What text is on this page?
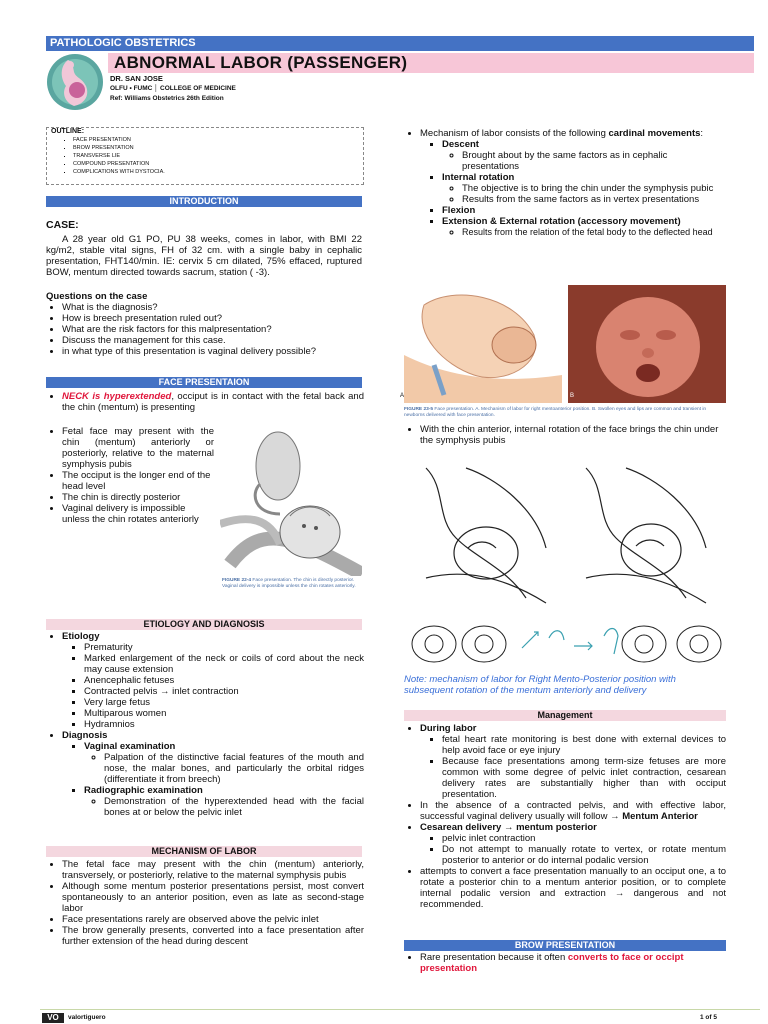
PATHOLOGIC OBSTETRICS
ABNORMAL LABOR (PASSENGER)
DR. SAN JOSE
OLFU • FUMC │ COLLEGE OF MEDICINE
Ref: Williams Obstetrics 26th Edition
OUTLINE:
▪ FACE PRESENTATION
▪ BROW PRESENTATION
▪ TRANSVERSE LIE
▪ COMPOUND PRESENTATION
▪ COMPLICATIONS WITH DYSTOCIA.
INTRODUCTION
CASE:
A 28 year old G1 PO, PU 38 weeks, comes in labor, with BMI 22 kg/m2, stable vital signs, FH of 32 cm. with a single baby in cephalic presentation, FHT140/min. IE: cervix 5 cm dilated, 75% effaced, ruptured BOW, mentum directed towards sacrum, station ( -3).
Questions on the case
• What is the diagnosis?
• How is breech presentation ruled out?
• What are the risk factors for this malpresentation?
• Discuss the management for this case.
• in what type of this presentation is vaginal delivery possible?
FACE PRESENTAION
• NECK is hyperextended, occiput is in contact with the fetal back and the chin (mentum) is presenting
• Fetal face may present with the chin (mentum) anteriorly or posteriorly, relative to the maternal symphysis pubis
• The occiput is the longer end of the head level
• The chin is directly posterior
• Vaginal delivery is impossible unless the chin rotates anteriorly
FIGURE 22-4 Face presentation. The chin is directly posterior. Vaginal delivery is impossible unless the chin rotates anteriorly.
ETIOLOGY AND DIAGNOSIS
• Etiology
▪ Prematurity
▪ Marked enlargement of the neck or coils of cord about the neck may cause extension
▪ Anencephalic fetuses
▪ Contracted pelvis → inlet contraction
▪ Very large fetus
▪ Multiparous women
▪ Hydramnios
• Diagnosis
▪ Vaginal examination
◦ Palpation of the distinctive facial features of the mouth and nose, the malar bones, and particularly the orbital ridges (differentiate it from breech)
▪ Radiographic examination
◦ Demonstration of the hyperextended head with the facial bones at or below the pelvic inlet
MECHANISM OF LABOR
• The fetal face may present with the chin (mentum) anteriorly, transversely, or posteriorly, relative to the maternal symphysis pubis
• Although some mentum posterior presentations persist, most convert spontaneously to an anterior position, even as late as second-stage labor
• Face presentations rarely are observed above the pelvic inlet
• The brow generally presents, converted into a face presentation after further extension of the head during descent
• Mechanism of labor consists of the following cardinal movements:
▪ Descent
◦ Brought about by the same factors as in cephalic presentations
▪ Internal rotation
◦ The objective is to bring the chin under the symphysis pubic
◦ Results from the same factors as in vertex presentations
▪ Flexion
▪ Extension & External rotation (accessory movement)
◦ Results from the relation of the fetal body to the deflected head
A	B
FIGURE 23-5 Face presentation. A. Mechanism of labor for right mentoanterior position. B. Swollen eyes and lips are common and transient in newborns delivered with face presentation.
• With the chin anterior, internal rotation of the face brings the chin under the symphysis pubis
Note: mechanism of labor for Right Mento-Posterior position with subsequent rotation of the mentum anteriorly and delivery
Management
• During labor
▪ fetal heart rate monitoring is best done with external devices to help avoid face or eye injury
▪ Because face presentations among term-size fetuses are more common with some degree of pelvic inlet contraction, cesarean delivery rates are substantially higher than with occiput presentation.
• In the absence of a contracted pelvis, and with effective labor, successful vaginal delivery usually will follow → Mentum Anterior
• Cesarean delivery → mentum posterior
▪ pelvic inlet contraction
▪ Do not attempt to manually rotate to vertex, or rotate mentum posterior to anterior or do internal podalic version
• attempts to convert a face presentation manually to an occiput one, a to rotate a posterior chin to a mentum anterior position, or to complete internal podalic version and extraction → dangerous and not recommended.
BROW PRESENTATION
• Rare presentation because it often converts to face or occipt presentation
VO	valortiguero	1 of 5
